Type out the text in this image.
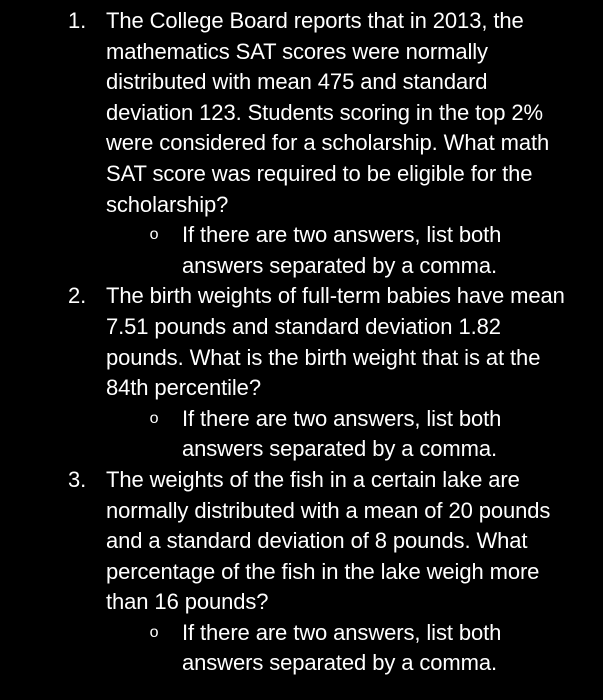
1. The College Board reports that in 2013, the mathematics SAT scores were normally distributed with mean 475 and standard deviation 123. Students scoring in the top 2% were considered for a scholarship. What math SAT score was required to be eligible for the scholarship?
o If there are two answers, list both answers separated by a comma.
2. The birth weights of full-term babies have mean 7.51 pounds and standard deviation 1.82 pounds. What is the birth weight that is at the 84th percentile?
o If there are two answers, list both answers separated by a comma.
3. The weights of the fish in a certain lake are normally distributed with a mean of 20 pounds and a standard deviation of 8 pounds. What percentage of the fish in the lake weigh more than 16 pounds?
o If there are two answers, list both answers separated by a comma.
